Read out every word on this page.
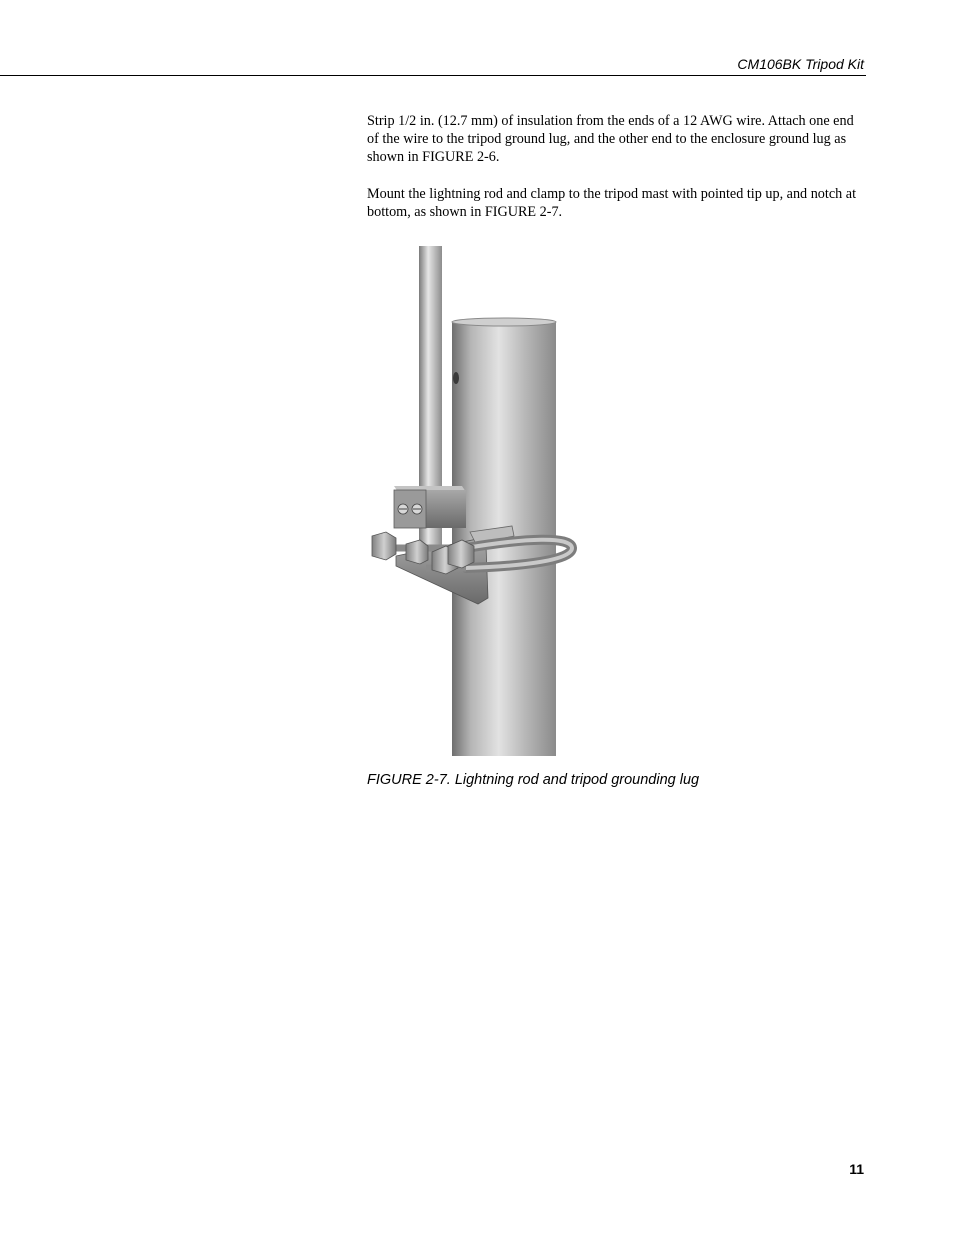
CM106BK Tripod Kit

Strip 1/2 in. (12.7 mm) of insulation from the ends of a 12 AWG wire. Attach one end of the wire to the tripod ground lug, and the other end to the enclosure ground lug as shown in FIGURE 2-6.

Mount the lightning rod and clamp to the tripod mast with pointed tip up, and notch at bottom, as shown in FIGURE 2-7.

FIGURE 2-7. Lightning rod and tripod grounding lug
11
